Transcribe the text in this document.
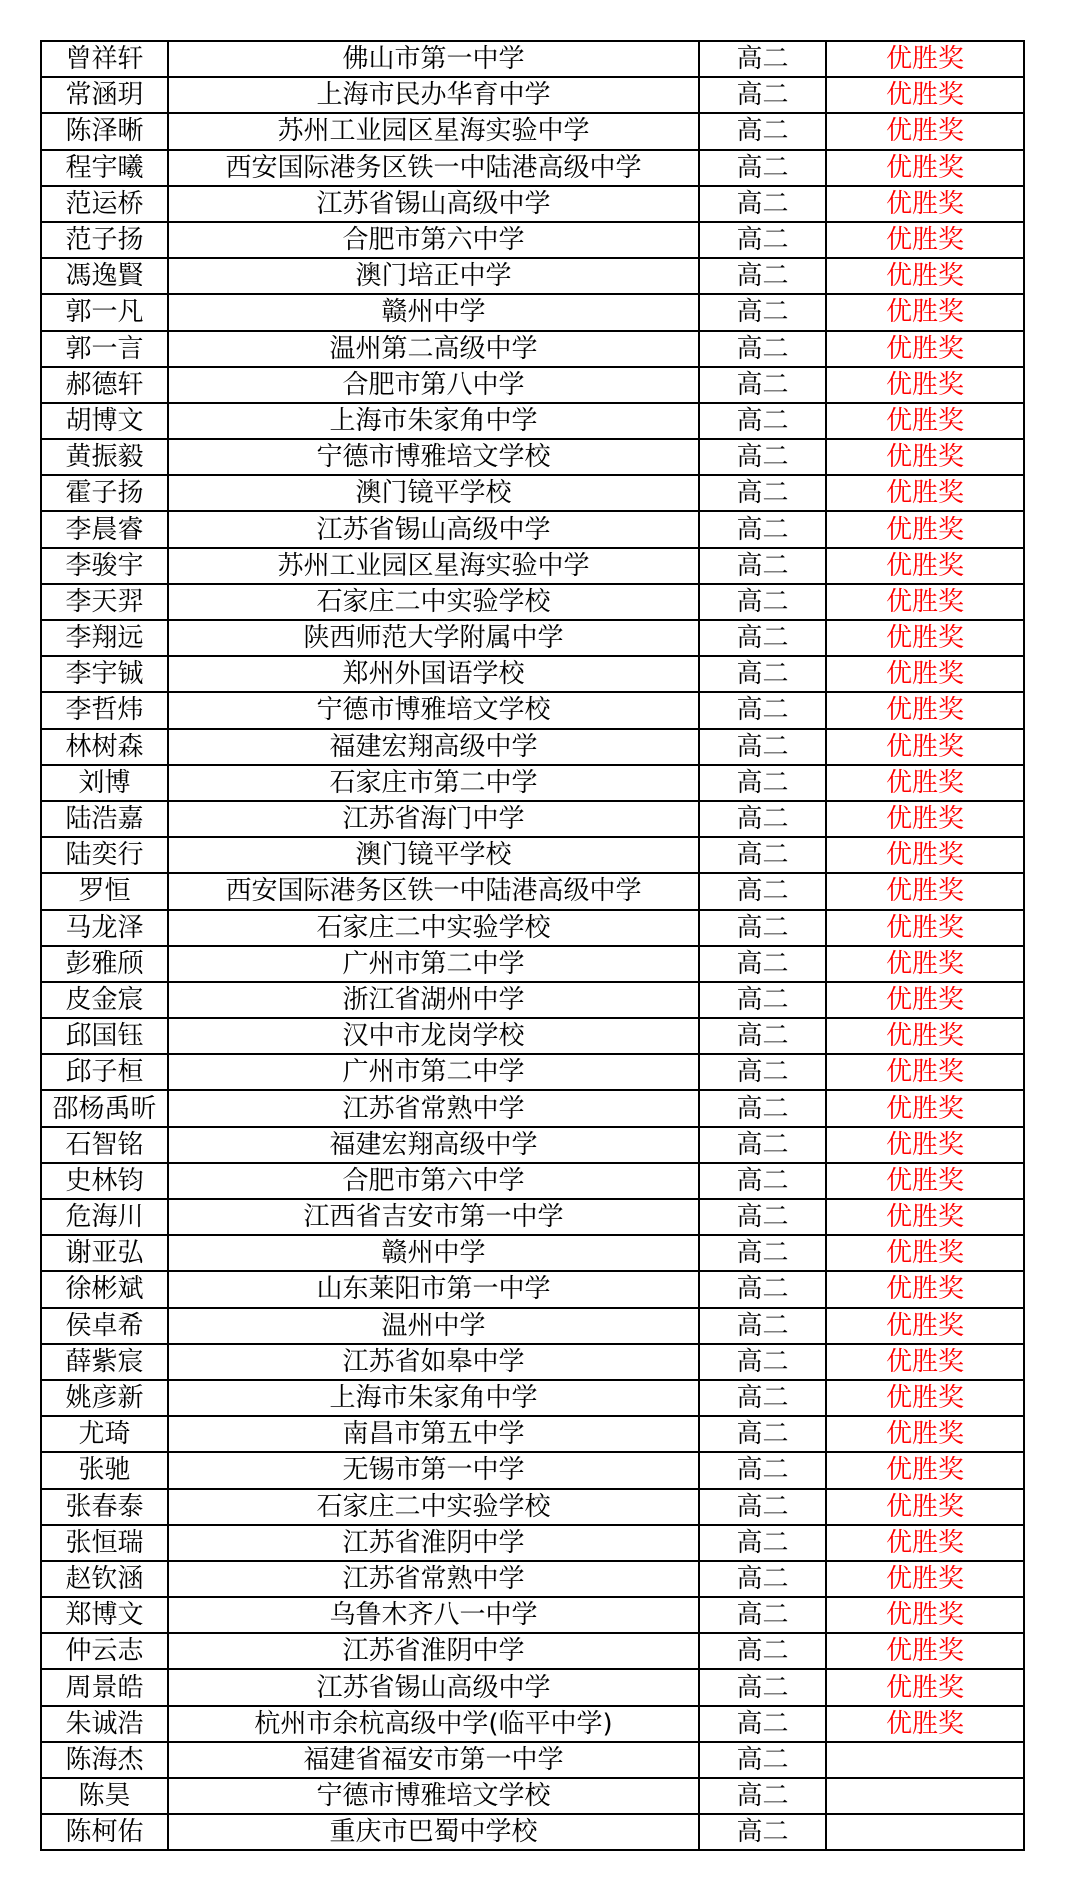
曾祥轩	佛山市第一中学	高二	优胜奖
常涵玥	上海市民办华育中学	高二	优胜奖
陈泽晰	苏州工业园区星海实验中学	高二	优胜奖
程宇曦	西安国际港务区铁一中陆港高级中学	高二	优胜奖
范运桥	江苏省锡山高级中学	高二	优胜奖
范子扬	合肥市第六中学	高二	优胜奖
馮逸賢	澳门培正中学	高二	优胜奖
郭一凡	赣州中学	高二	优胜奖
郭一言	温州第二高级中学	高二	优胜奖
郝德轩	合肥市第八中学	高二	优胜奖
胡博文	上海市朱家角中学	高二	优胜奖
黄振毅	宁德市博雅培文学校	高二	优胜奖
霍子扬	澳门镜平学校	高二	优胜奖
李晨睿	江苏省锡山高级中学	高二	优胜奖
李骏宇	苏州工业园区星海实验中学	高二	优胜奖
李天羿	石家庄二中实验学校	高二	优胜奖
李翔远	陕西师范大学附属中学	高二	优胜奖
李宇铖	郑州外国语学校	高二	优胜奖
李哲炜	宁德市博雅培文学校	高二	优胜奖
林树森	福建宏翔高级中学	高二	优胜奖
刘博	石家庄市第二中学	高二	优胜奖
陆浩嘉	江苏省海门中学	高二	优胜奖
陆奕行	澳门镜平学校	高二	优胜奖
罗恒	西安国际港务区铁一中陆港高级中学	高二	优胜奖
马龙泽	石家庄二中实验学校	高二	优胜奖
彭雅颀	广州市第二中学	高二	优胜奖
皮金宸	浙江省湖州中学	高二	优胜奖
邱国钰	汉中市龙岗学校	高二	优胜奖
邱子桓	广州市第二中学	高二	优胜奖
邵杨禹昕	江苏省常熟中学	高二	优胜奖
石智铭	福建宏翔高级中学	高二	优胜奖
史林钧	合肥市第六中学	高二	优胜奖
危海川	江西省吉安市第一中学	高二	优胜奖
谢亚弘	赣州中学	高二	优胜奖
徐彬斌	山东莱阳市第一中学	高二	优胜奖
侯卓希	温州中学	高二	优胜奖
薛紫宸	江苏省如皋中学	高二	优胜奖
姚彦新	上海市朱家角中学	高二	优胜奖
尤琦	南昌市第五中学	高二	优胜奖
张驰	无锡市第一中学	高二	优胜奖
张春泰	石家庄二中实验学校	高二	优胜奖
张恒瑞	江苏省淮阴中学	高二	优胜奖
赵钦涵	江苏省常熟中学	高二	优胜奖
郑博文	乌鲁木齐八一中学	高二	优胜奖
仲云志	江苏省淮阴中学	高二	优胜奖
周景皓	江苏省锡山高级中学	高二	优胜奖
朱诚浩	杭州市余杭高级中学(临平中学)	高二	优胜奖
陈海杰	福建省福安市第一中学	高二	
陈昊	宁德市博雅培文学校	高二	
陈柯佑	重庆市巴蜀中学校	高二	
